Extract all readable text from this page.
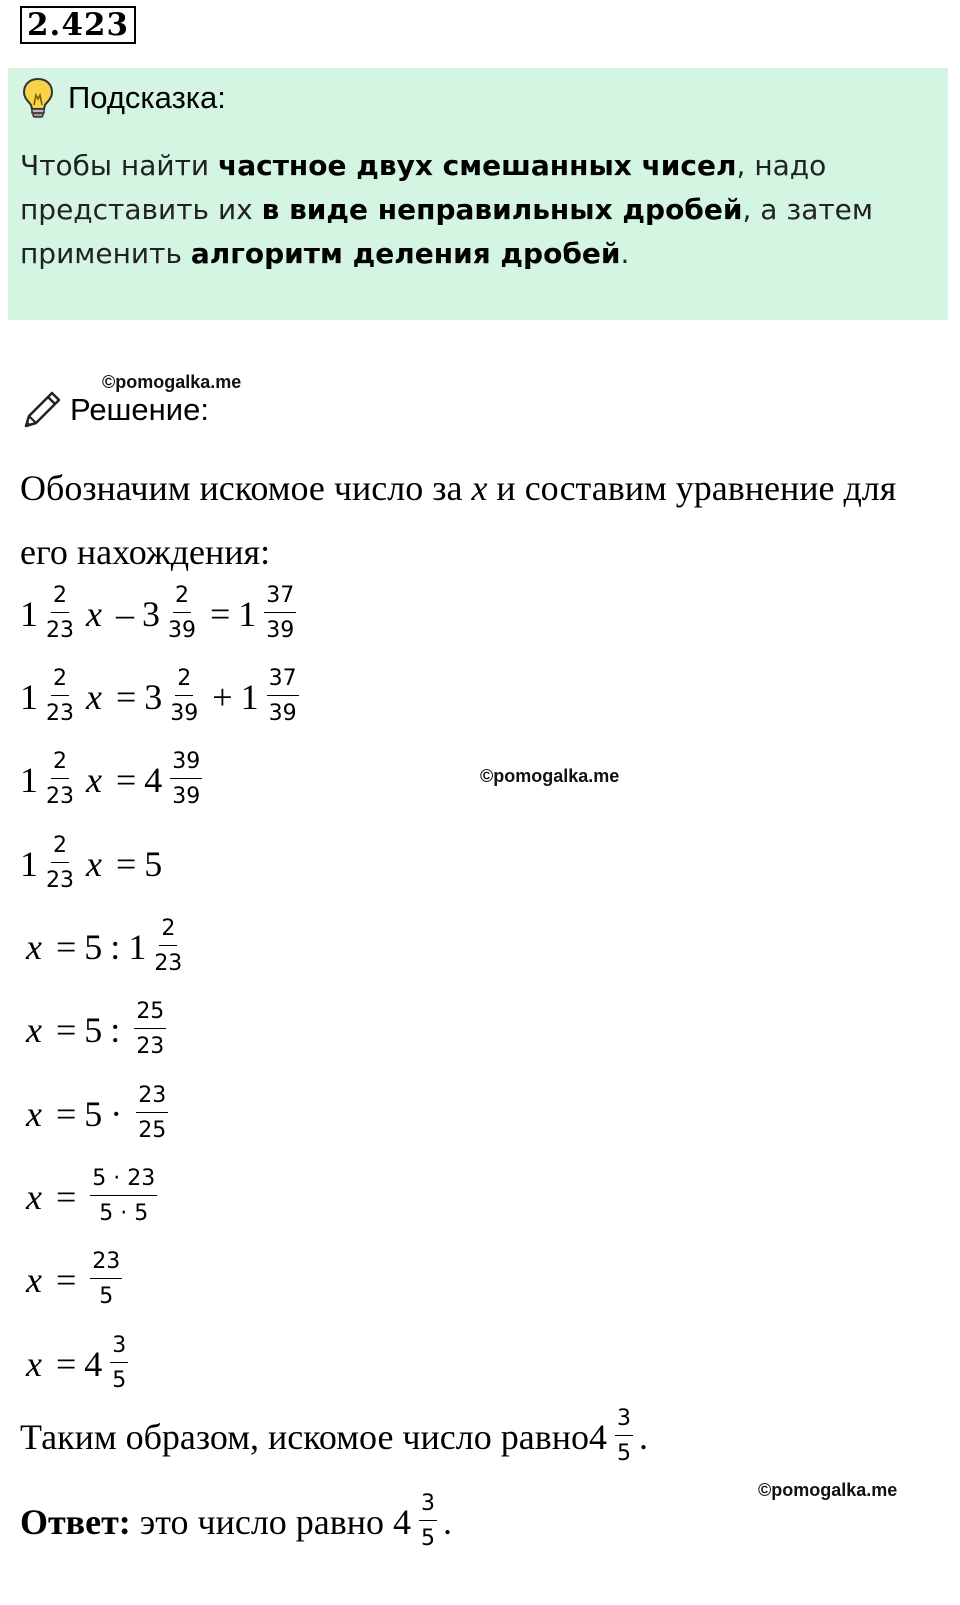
2.423
Подсказка:
Чтобы найти частное двух смешанных чисел, надо представить их в виде неправильных дробей, а затем применить алгоритм деления дробей.
©pomogalka.me
©pomogalka.me
©pomogalka.me
Решение:
Обозначим искомое число за x и составим уравнение для его нахождения:
$1 \frac{2}{23}$ $x - 3 \frac{2}{39} = 1 \frac{37}{39}$
$1 \frac{2}{23}$ $x = 3 \frac{2}{39} + 1 \frac{37}{39}$
$1 \frac{2}{23}$ $x = 4 \frac{39}{39}$
$1 \frac{2}{23}$ x = 5
x = 5 : $1 \frac{2}{23}$
x = 5 : $\frac{25}{23}$
$x = 5 \cdot \frac{23}{25}$
$x = \frac{5 \cdot 23}{5 \cdot 5}$
$x = \frac{23}{5}$
$x = 4 \frac{3}{5}$
Таким образом, искомое число равно $4 \frac{3}{5}$ .
Ответ: это число равно $4 \frac{3}{5}$ .
